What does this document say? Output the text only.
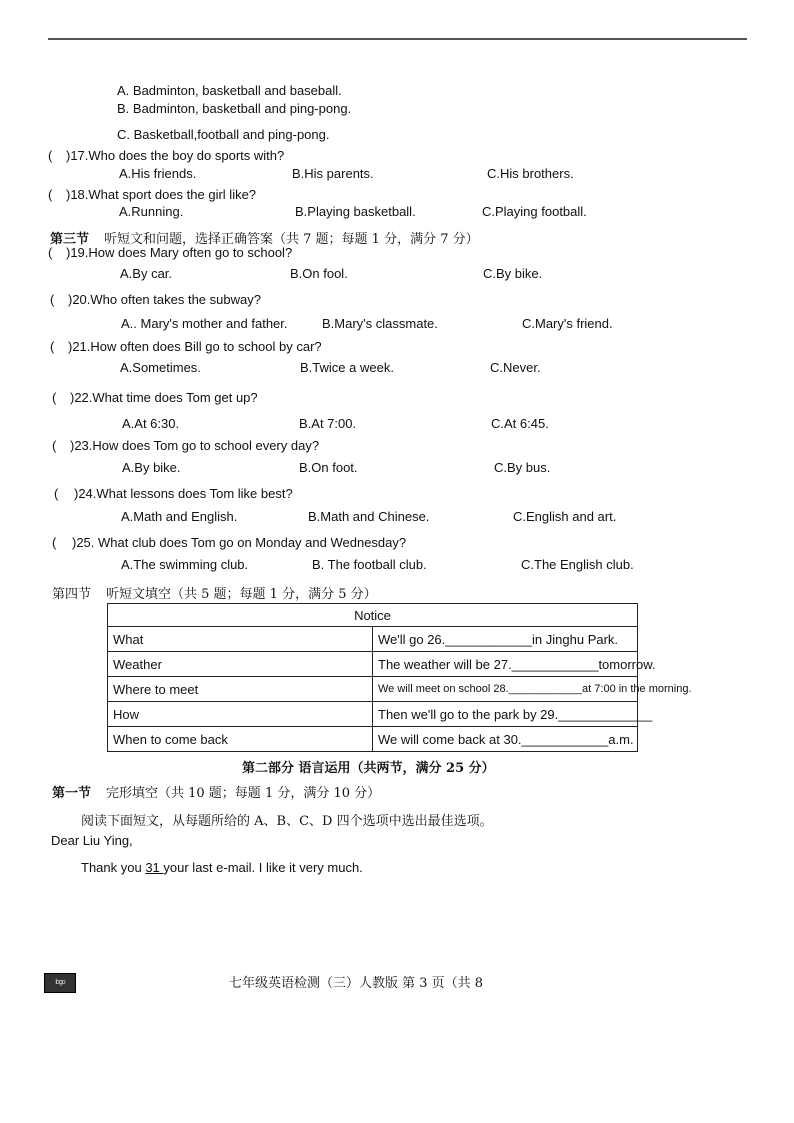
A. Badminton, basketball and baseball.
B. Badminton, basketball and ping-pong.
C. Basketball,football and ping-pong.
( )17.Who does the boy do sports with?
A.His friends.	B.His parents.	C.His brothers.
( )18.What sport does the girl like?
A.Running.	B.Playing basketball.	C.Playing football.
第三节 听短文和问题，选择正确答案（共 7 题；每题 1 分，满分 7 分）
( )19.How does Mary often go to school?
A.By car.	B.On fool.	C.By bike.
( )20.Who often takes the subway?
A.. Mary's mother and father.	B.Mary's classmate.	C.Mary's friend.
( )21.How often does Bill go to school by car?
A.Sometimes.	B.Twice a week.	C.Never.
( )22.What time does Tom get up?
A.At 6:30.	B.At 7:00.	C.At 6:45.
( )23.How does Tom go to school every day?
A.By bike.	B.On foot.	C.By bus.
( )24.What lessons does Tom like best?
A.Math and English.	B.Math and Chinese.	C.English and art.
( )25. What club does Tom go on Monday and Wednesday?
A.The swimming club.	B. The football club.	C.The English club.
第四节 听短文填空（共 5 题；每题 1 分，满分 5 分）
Notice	
What	We'll go 26.____________in Jinghu Park.
Weather	The weather will be 27.____________tomorrow.
Where to meet	We will meet on school 28.____________at 7:00 in the morning.
How	Then we'll go to the park by 29._____________
When to come back	We will come back at 30.____________a.m.
第二部分 语言运用（共两节，满分 25 分）
第一节 完形填空（共 10 题；每题 1 分，满分 10 分）
阅读下面短文，从每题所给的 A、B、C、D 四个选项中选出最佳选项。
Dear Liu Ying,
Thank you 31 your last e-mail. I like it very much.
logo	七年级英语检测（三）人教版 第 3 页（共 8
